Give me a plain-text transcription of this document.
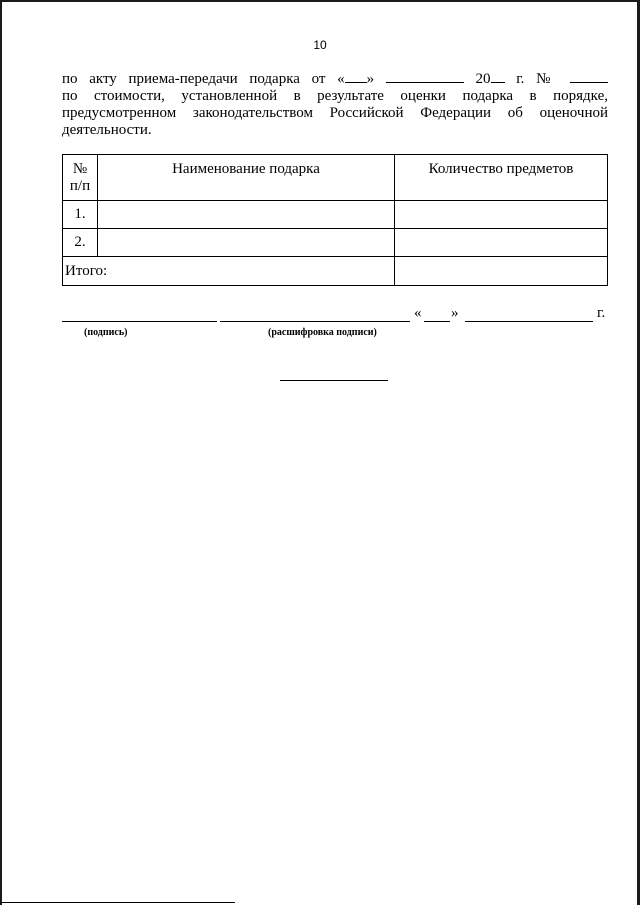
10
по акту приема-передачи подарка от « »	20 г. №
по стоимости, установленной в результате оценки подарка в порядке,
предусмотренном законодательством Российской Федерации об оценочной
деятельности.
№
п/п	Наименование подарка	Количество предметов
1.		
2.		
Итого:		
« »	г.
(подпись)	(расшифровка подписи)
